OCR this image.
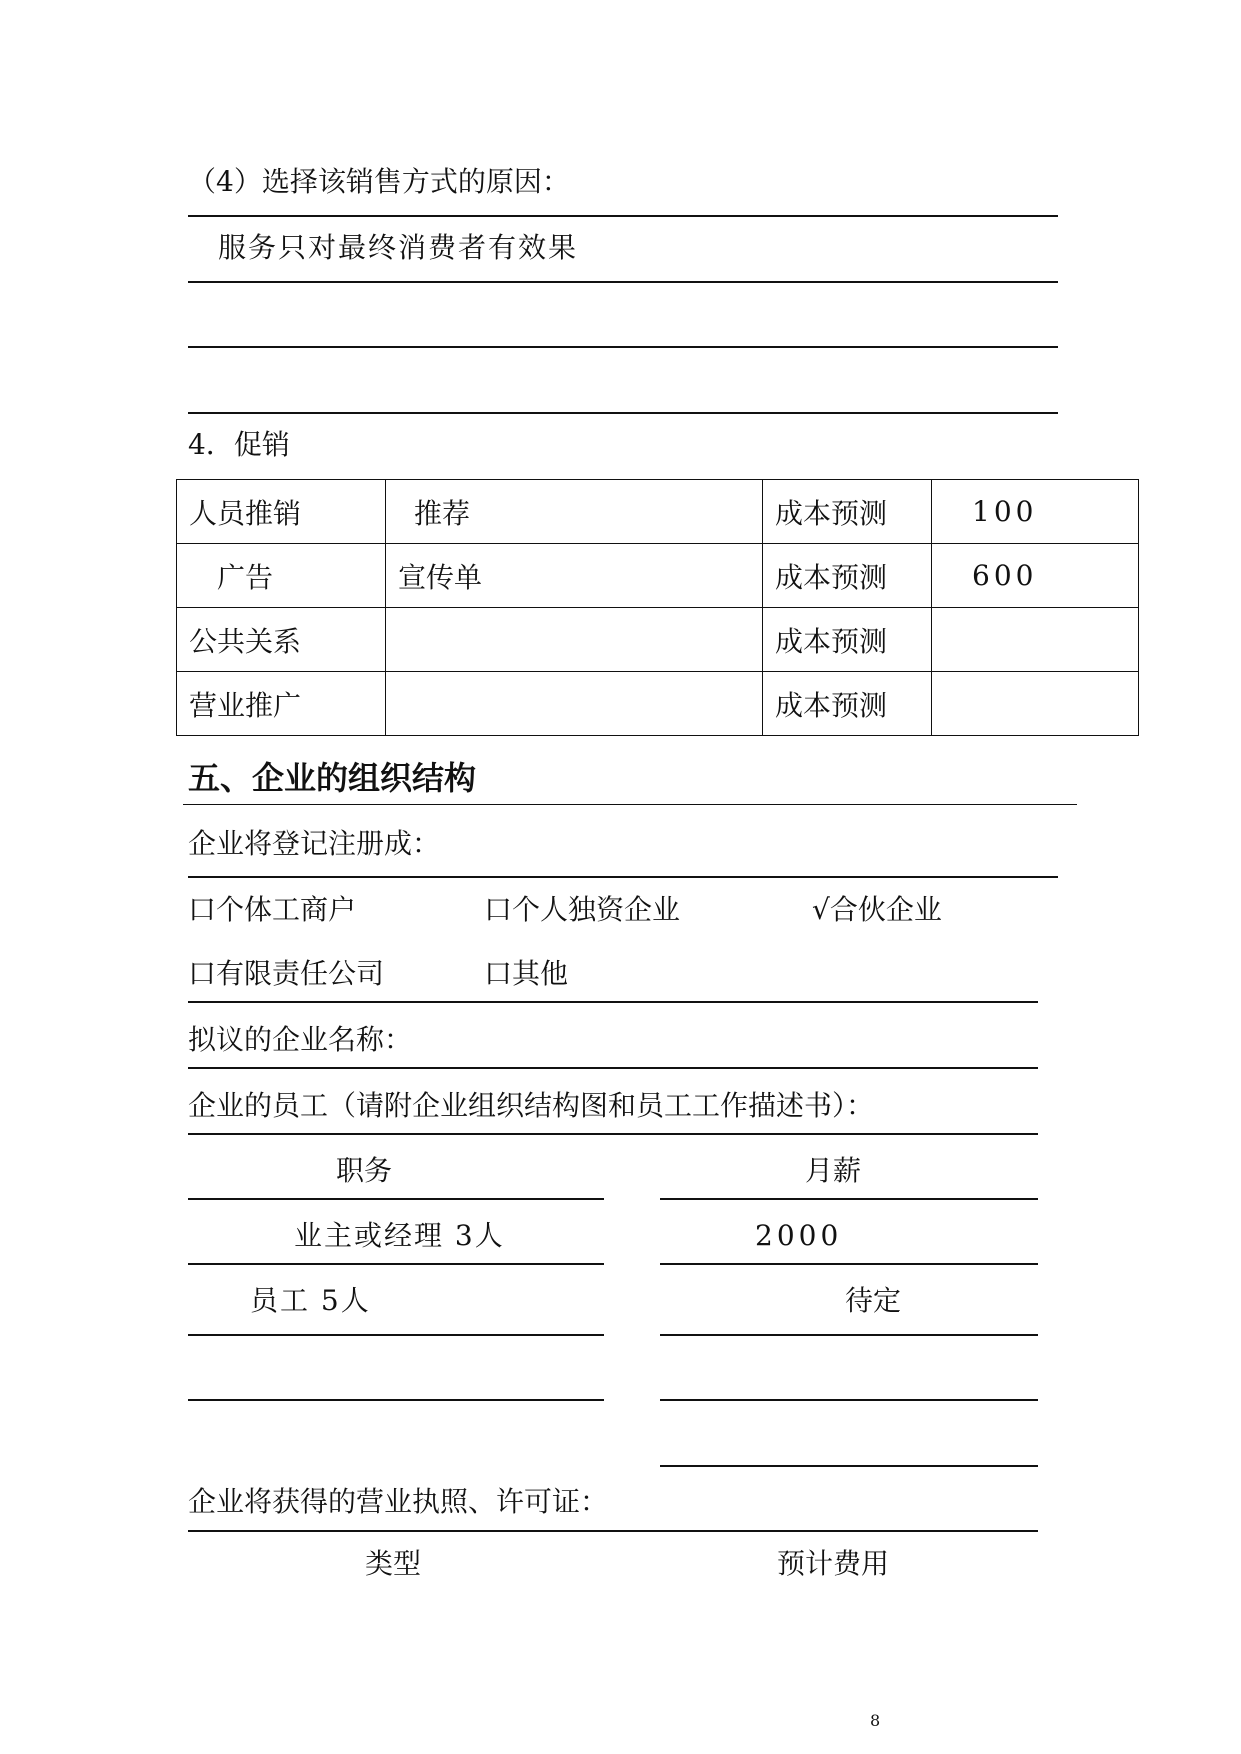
（4）选择该销售方式的原因：
服务只对最终消费者有效果
4．促销
人员推销	推荐	成本预测	100
广告	宣传单	成本预测	600
公共关系		成本预测	
营业推广		成本预测	
五、企业的组织结构
企业将登记注册成：
口个体工商户	口个人独资企业	√合伙企业
口有限责任公司	口其他
拟议的企业名称：
企业的员工（请附企业组织结构图和员工工作描述书）：
职务	月薪
业主或经理 3人	2000
员工 5人	待定
企业将获得的营业执照、许可证：
类型	预计费用
8
